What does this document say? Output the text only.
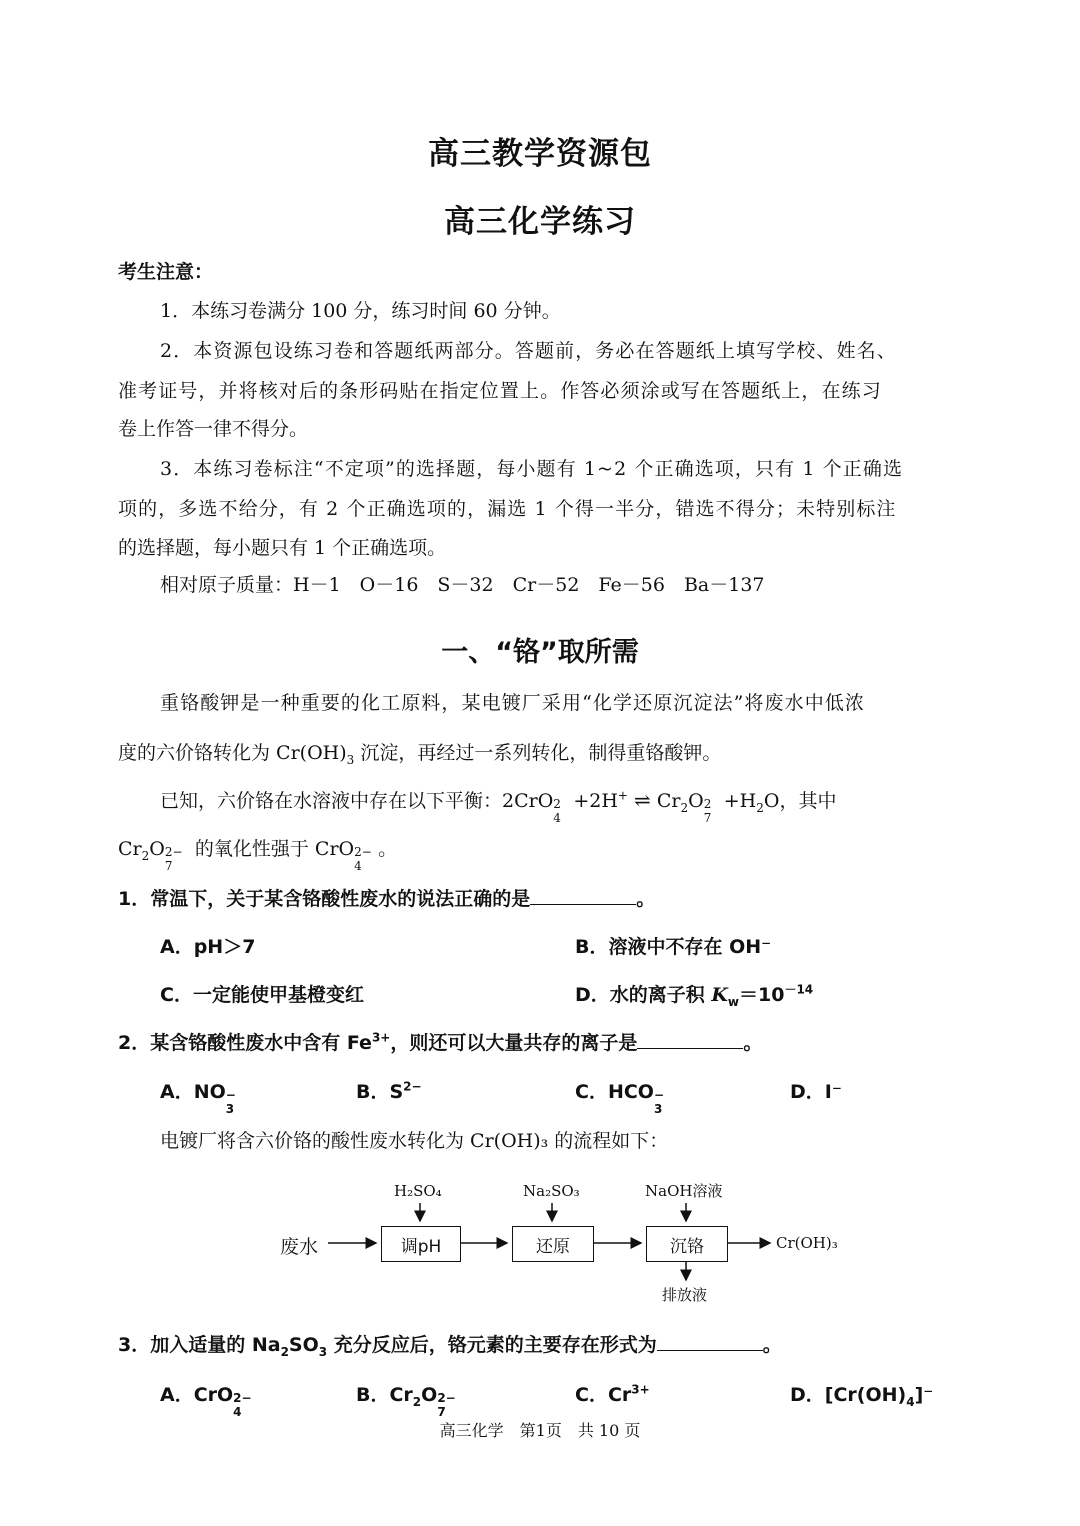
高三教学资源包
高三化学练习
考生注意：
1．本练习卷满分 100 分，练习时间 60 分钟。
2．本资源包设练习卷和答题纸两部分。答题前，务必在答题纸上填写学校、姓名、
准考证号，并将核对后的条形码贴在指定位置上。作答必须涂或写在答题纸上，在练习
卷上作答一律不得分。
3．本练习卷标注“不定项”的选择题，每小题有 1~2 个正确选项，只有 1 个正确选
项的，多选不给分，有 2 个正确选项的，漏选 1 个得一半分，错选不得分；未特别标注
的选择题，每小题只有 1 个正确选项。
相对原子质量：H－1　O－16　S－32　Cr－52　Fe－56　Ba－137
一、“铬”取所需
重铬酸钾是一种重要的化工原料，某电镀厂采用“化学还原沉淀法”将废水中低浓
度的六价铬转化为 $Cr(OH)_3$ 沉淀，再经过一系列转化，制得重铬酸钾。
已知，六价铬在水溶液中存在以下平衡：2CrO 2
4
+2H+ ⇌ $Cr_2O$ 2
7
$+H_2O$，其中
$Cr_2O$ 2−
7
的氧化性强于 CrO 2−
4
。
1．常温下，关于某含铬酸性废水的说法正确的是	。
A．pH＞7	B．溶液中不存在 OH⁻
C．一定能使甲基橙变红	D．水的离子积 $K_w=10^{-14}$
2．某含铬酸性废水中含有 $Fe^{3+}$，则还可以大量共存的离子是	。
A．NO −
3
B．$S^{2-}$	C．HCO −
3
D．I⁻
电镀厂将含六价铬的酸性废水转化为 Cr(OH)₃ 的流程如下：
H₂SO₄	Na₂SO₃	NaOH溶液
废水	调pH	还原	沉铬	Cr(OH)₃
排放液
3．加入适量的 $Na_2SO_3$ 充分反应后，铬元素的主要存在形式为	。
A．CrO 2−
4
B．$Cr_2O$ 2−
7
C．$Cr^{3+}$	D．$[Cr(OH)_4]^-$
高三化学　第1页　共 10 页
